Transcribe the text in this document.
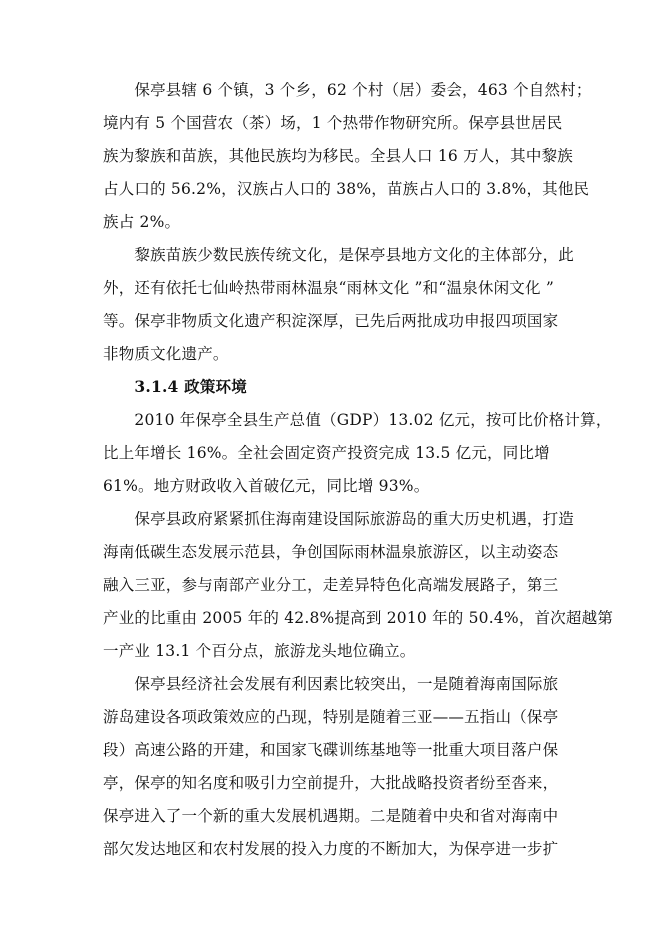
　　保亭县辖 6 个镇，3 个乡，62 个村（居）委会，463 个自然村；
境内有 5 个国营农（茶）场，1 个热带作物研究所。保亭县世居民
族为黎族和苗族，其他民族均为移民。全县人口 16 万人，其中黎族
占人口的 56.2%，汉族占人口的 38%，苗族占人口的 3.8%，其他民
族占 2%。
　　黎族苗族少数民族传统文化，是保亭县地方文化的主体部分，此
外，还有依托七仙岭热带雨林温泉“雨林文化 ”和“温泉休闲文化 ”
等。保亭非物质文化遗产积淀深厚，已先后两批成功申报四项国家
非物质文化遗产。
　　3.1.4 政策环境
　　2010 年保亭全县生产总值（GDP）13.02 亿元，按可比价格计算，
比上年增长 16%。全社会固定资产投资完成 13.5 亿元，同比增
61%。地方财政收入首破亿元，同比增 93%。
　　保亭县政府紧紧抓住海南建设国际旅游岛的重大历史机遇，打造
海南低碳生态发展示范县，争创国际雨林温泉旅游区，以主动姿态
融入三亚，参与南部产业分工，走差异特色化高端发展路子，第三
产业的比重由 2005 年的 42.8%提高到 2010 年的 50.4%，首次超越第
一产业 13.1 个百分点，旅游龙头地位确立。
　　保亭县经济社会发展有利因素比较突出，一是随着海南国际旅
游岛建设各项政策效应的凸现，特别是随着三亚——五指山（保亭
段）高速公路的开建，和国家飞碟训练基地等一批重大项目落户保
亭，保亭的知名度和吸引力空前提升，大批战略投资者纷至沓来，
保亭进入了一个新的重大发展机遇期。二是随着中央和省对海南中
部欠发达地区和农村发展的投入力度的不断加大，为保亭进一步扩
